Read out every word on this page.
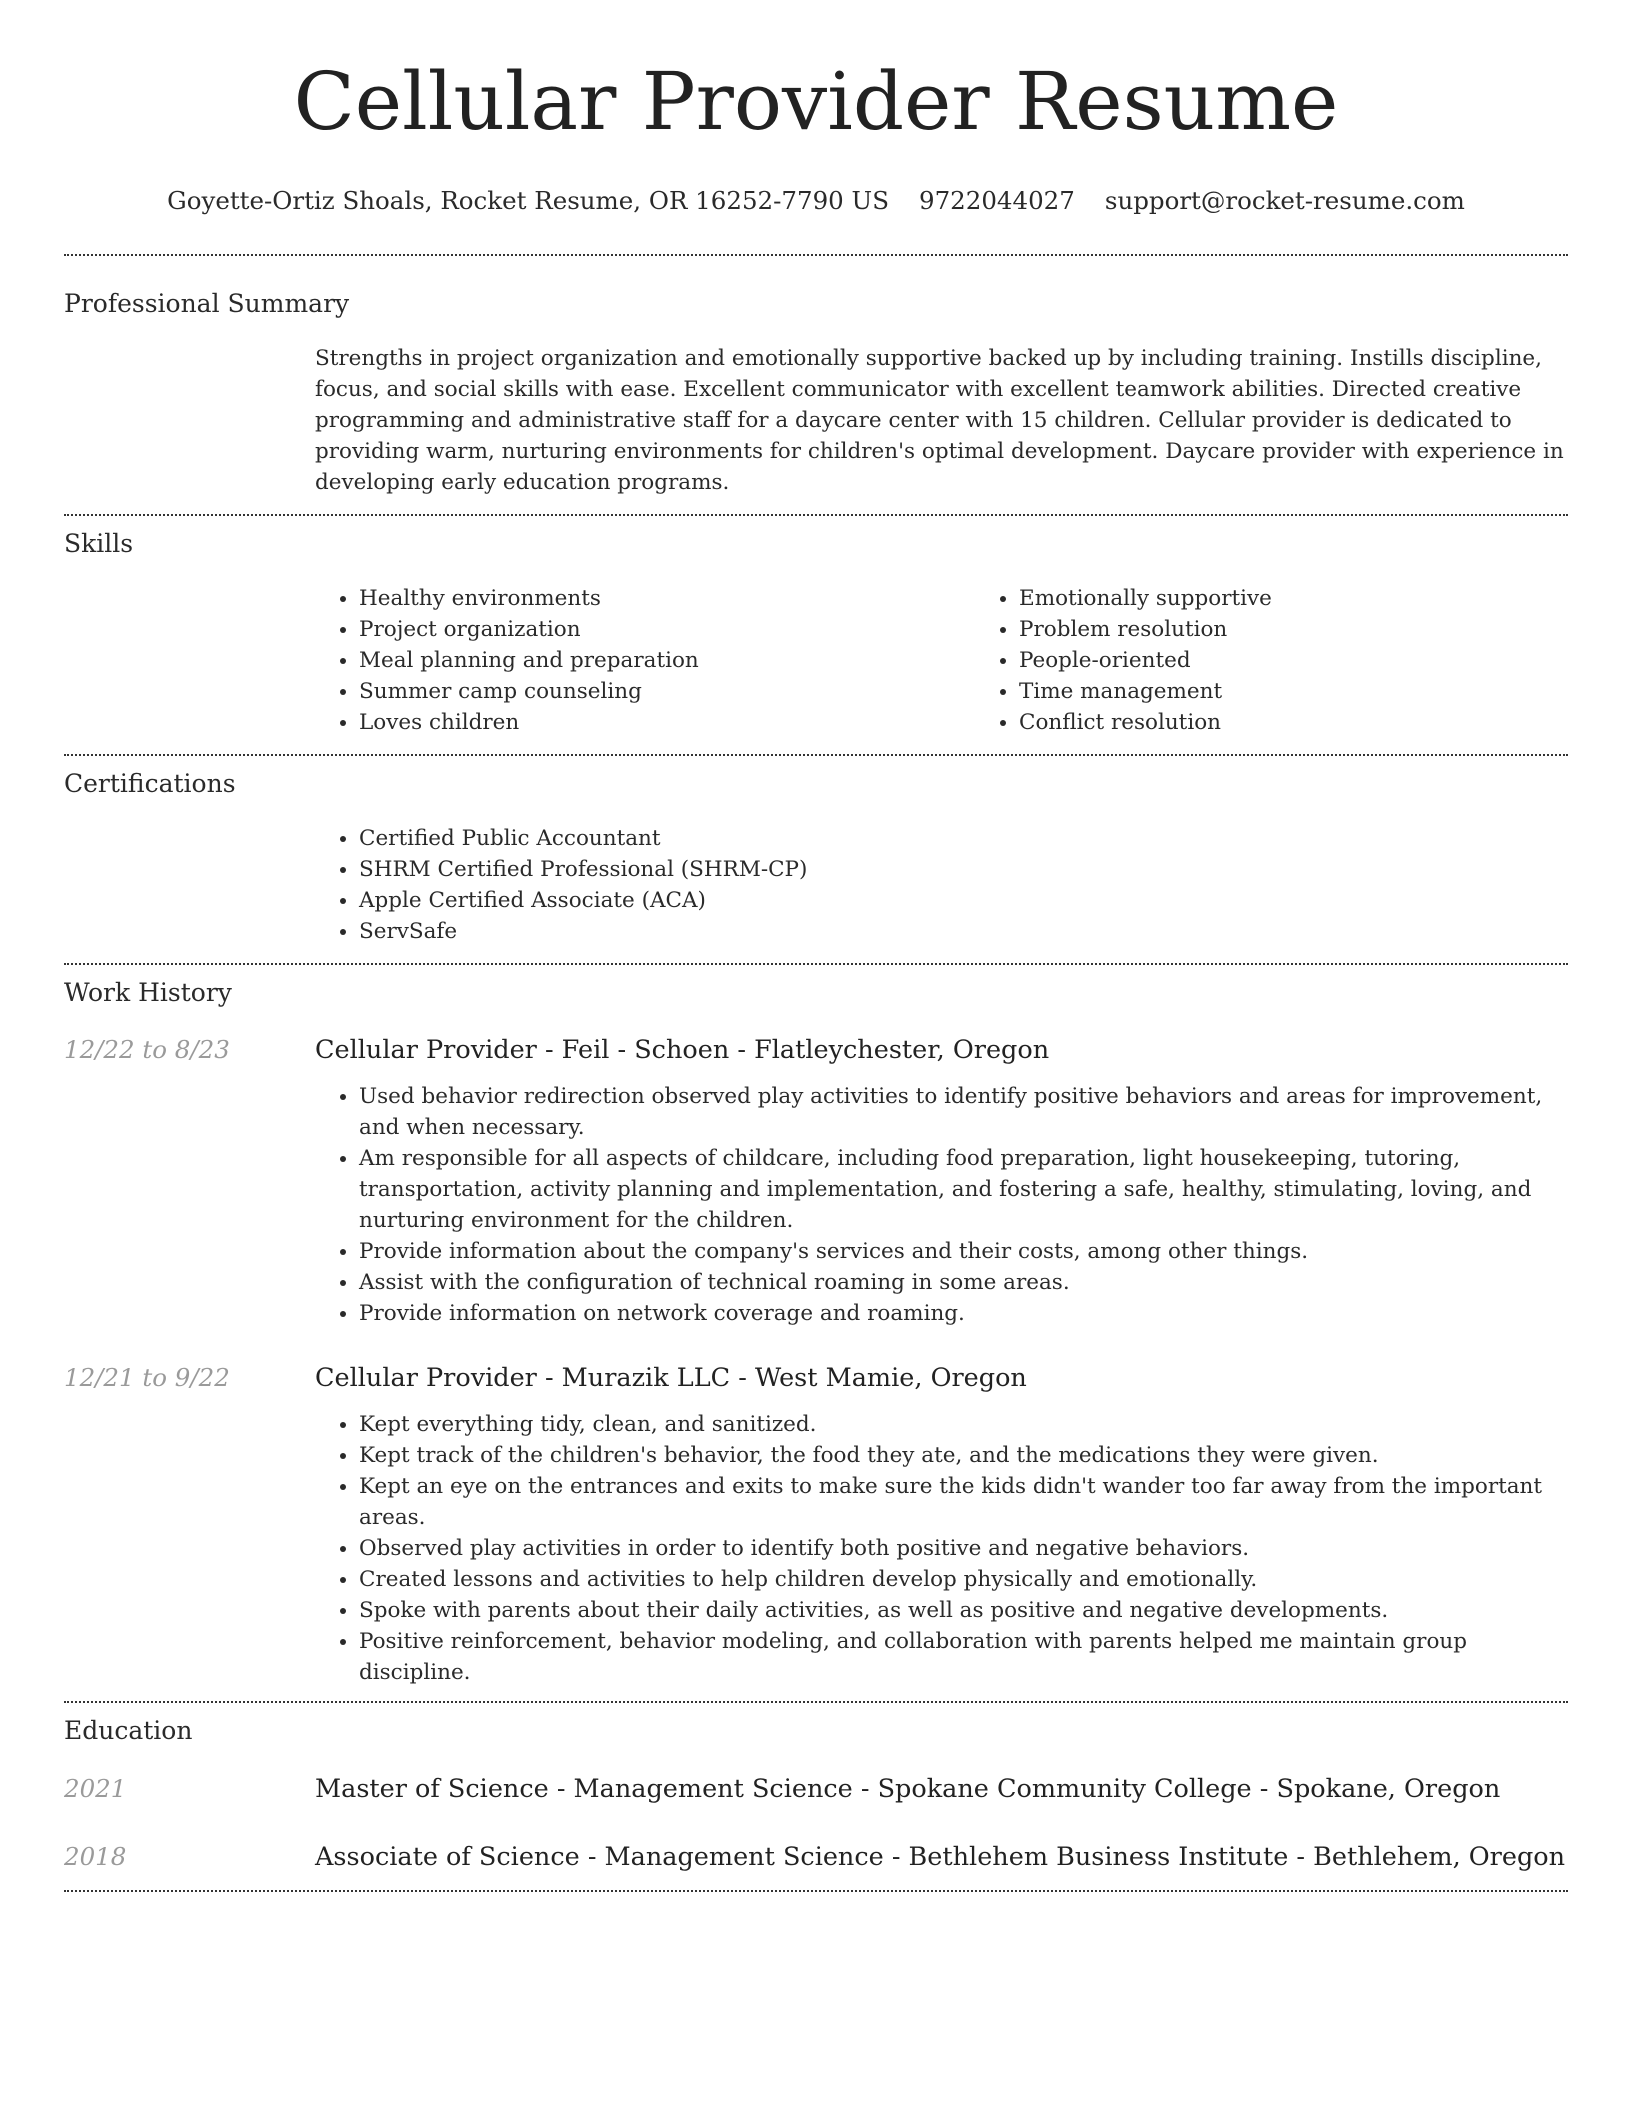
Cellular Provider Resume
Goyette-Ortiz Shoals, Rocket Resume, OR 16252-7790 US 9722044027 support@rocket-resume.com
Professional Summary

Strengths in project organization and emotionally supportive backed up by including training. Instills discipline, focus, and social skills with ease. Excellent communicator with excellent teamwork abilities. Directed creative programming and administrative staff for a daycare center with 15 children. Cellular provider is dedicated to providing warm, nurturing environments for children's optimal development. Daycare provider with experience in developing early education programs.

Skills
• Healthy environments
• Project organization
• Meal planning and preparation
• Summer camp counseling
• Loves children
• Emotionally supportive
• Problem resolution
• People-oriented
• Time management
• Conflict resolution
Certifications
• Certified Public Accountant
• SHRM Certified Professional (SHRM-CP)
• Apple Certified Associate (ACA)
• ServSafe
Work History
12/22 to 8/23	Cellular Provider - Feil - Schoen - Flatleychester, Oregon
• Used behavior redirection observed play activities to identify positive behaviors and areas for improvement, and when necessary.
• Am responsible for all aspects of childcare, including food preparation, light housekeeping, tutoring, transportation, activity planning and implementation, and fostering a safe, healthy, stimulating, loving, and nurturing environment for the children.
• Provide information about the company's services and their costs, among other things.
• Assist with the configuration of technical roaming in some areas.
• Provide information on network coverage and roaming.
12/21 to 9/22	Cellular Provider - Murazik LLC - West Mamie, Oregon
• Kept everything tidy, clean, and sanitized.
• Kept track of the children's behavior, the food they ate, and the medications they were given.
• Kept an eye on the entrances and exits to make sure the kids didn't wander too far away from the important areas.
• Observed play activities in order to identify both positive and negative behaviors.
• Created lessons and activities to help children develop physically and emotionally.
• Spoke with parents about their daily activities, as well as positive and negative developments.
• Positive reinforcement, behavior modeling, and collaboration with parents helped me maintain group discipline.
Education
2021	Master of Science - Management Science - Spokane Community College - Spokane, Oregon
2018	Associate of Science - Management Science - Bethlehem Business Institute - Bethlehem, Oregon
